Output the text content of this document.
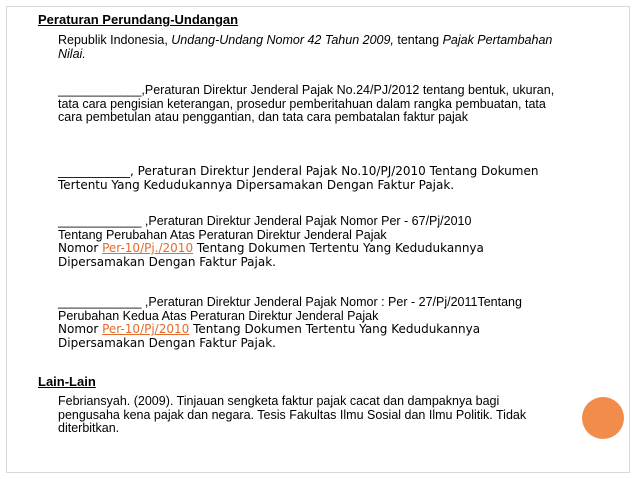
Peraturan Perundang-Undangan

Republik Indonesia, Undang-Undang Nomor 42 Tahun 2009, tentang Pajak Pertambahan Nilai.
____________,Peraturan Direktur Jenderal Pajak No.24/PJ/2012 tentang bentuk, ukuran, tata cara pengisian keterangan, prosedur pemberitahuan dalam rangka pembuatan, tata cara pembetulan atau penggantian, dan tata cara pembatalan faktur pajak
____________, Peraturan Direktur Jenderal Pajak No.10/PJ/2010 Tentang Dokumen Tertentu Yang Kedudukannya Dipersamakan Dengan Faktur Pajak.
____________ ,Peraturan Direktur Jenderal Pajak Nomor Per - 67/Pj/2010
Tentang Perubahan Atas Peraturan Direktur Jenderal Pajak
Nomor Per-10/Pj./2010 Tentang Dokumen Tertentu Yang Kedudukannya Dipersamakan Dengan Faktur Pajak.
____________ ,Peraturan Direktur Jenderal Pajak Nomor : Per - 27/Pj/2011Tentang Perubahan Kedua Atas Peraturan Direktur Jenderal Pajak
Nomor Per-10/Pj/2010 Tentang Dokumen Tertentu Yang Kedudukannya Dipersamakan Dengan Faktur Pajak.

Lain-Lain

Febriansyah. (2009). Tinjauan sengketa faktur pajak cacat dan dampaknya bagi pengusaha kena pajak dan negara. Tesis Fakultas Ilmu Sosial dan Ilmu Politik. Tidak diterbitkan.
